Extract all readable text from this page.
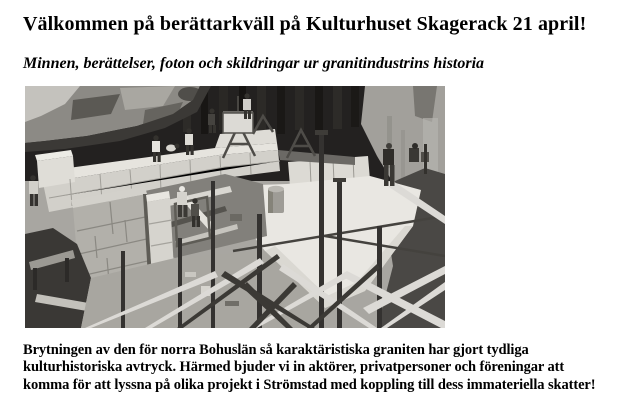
Välkommen på berättarkväll på Kulturhuset Skagerack 21 april!

Minnen, berättelser, foton och skildringar ur granitindustrins historia

Brytningen av den för norra Bohuslän så karaktäristiska graniten har gjort tydliga
kulturhistoriska avtryck. Härmed bjuder vi in aktörer, privatpersoner och föreningar att
komma för att lyssna på olika projekt i Strömstad med koppling till dess immateriella skatter!
